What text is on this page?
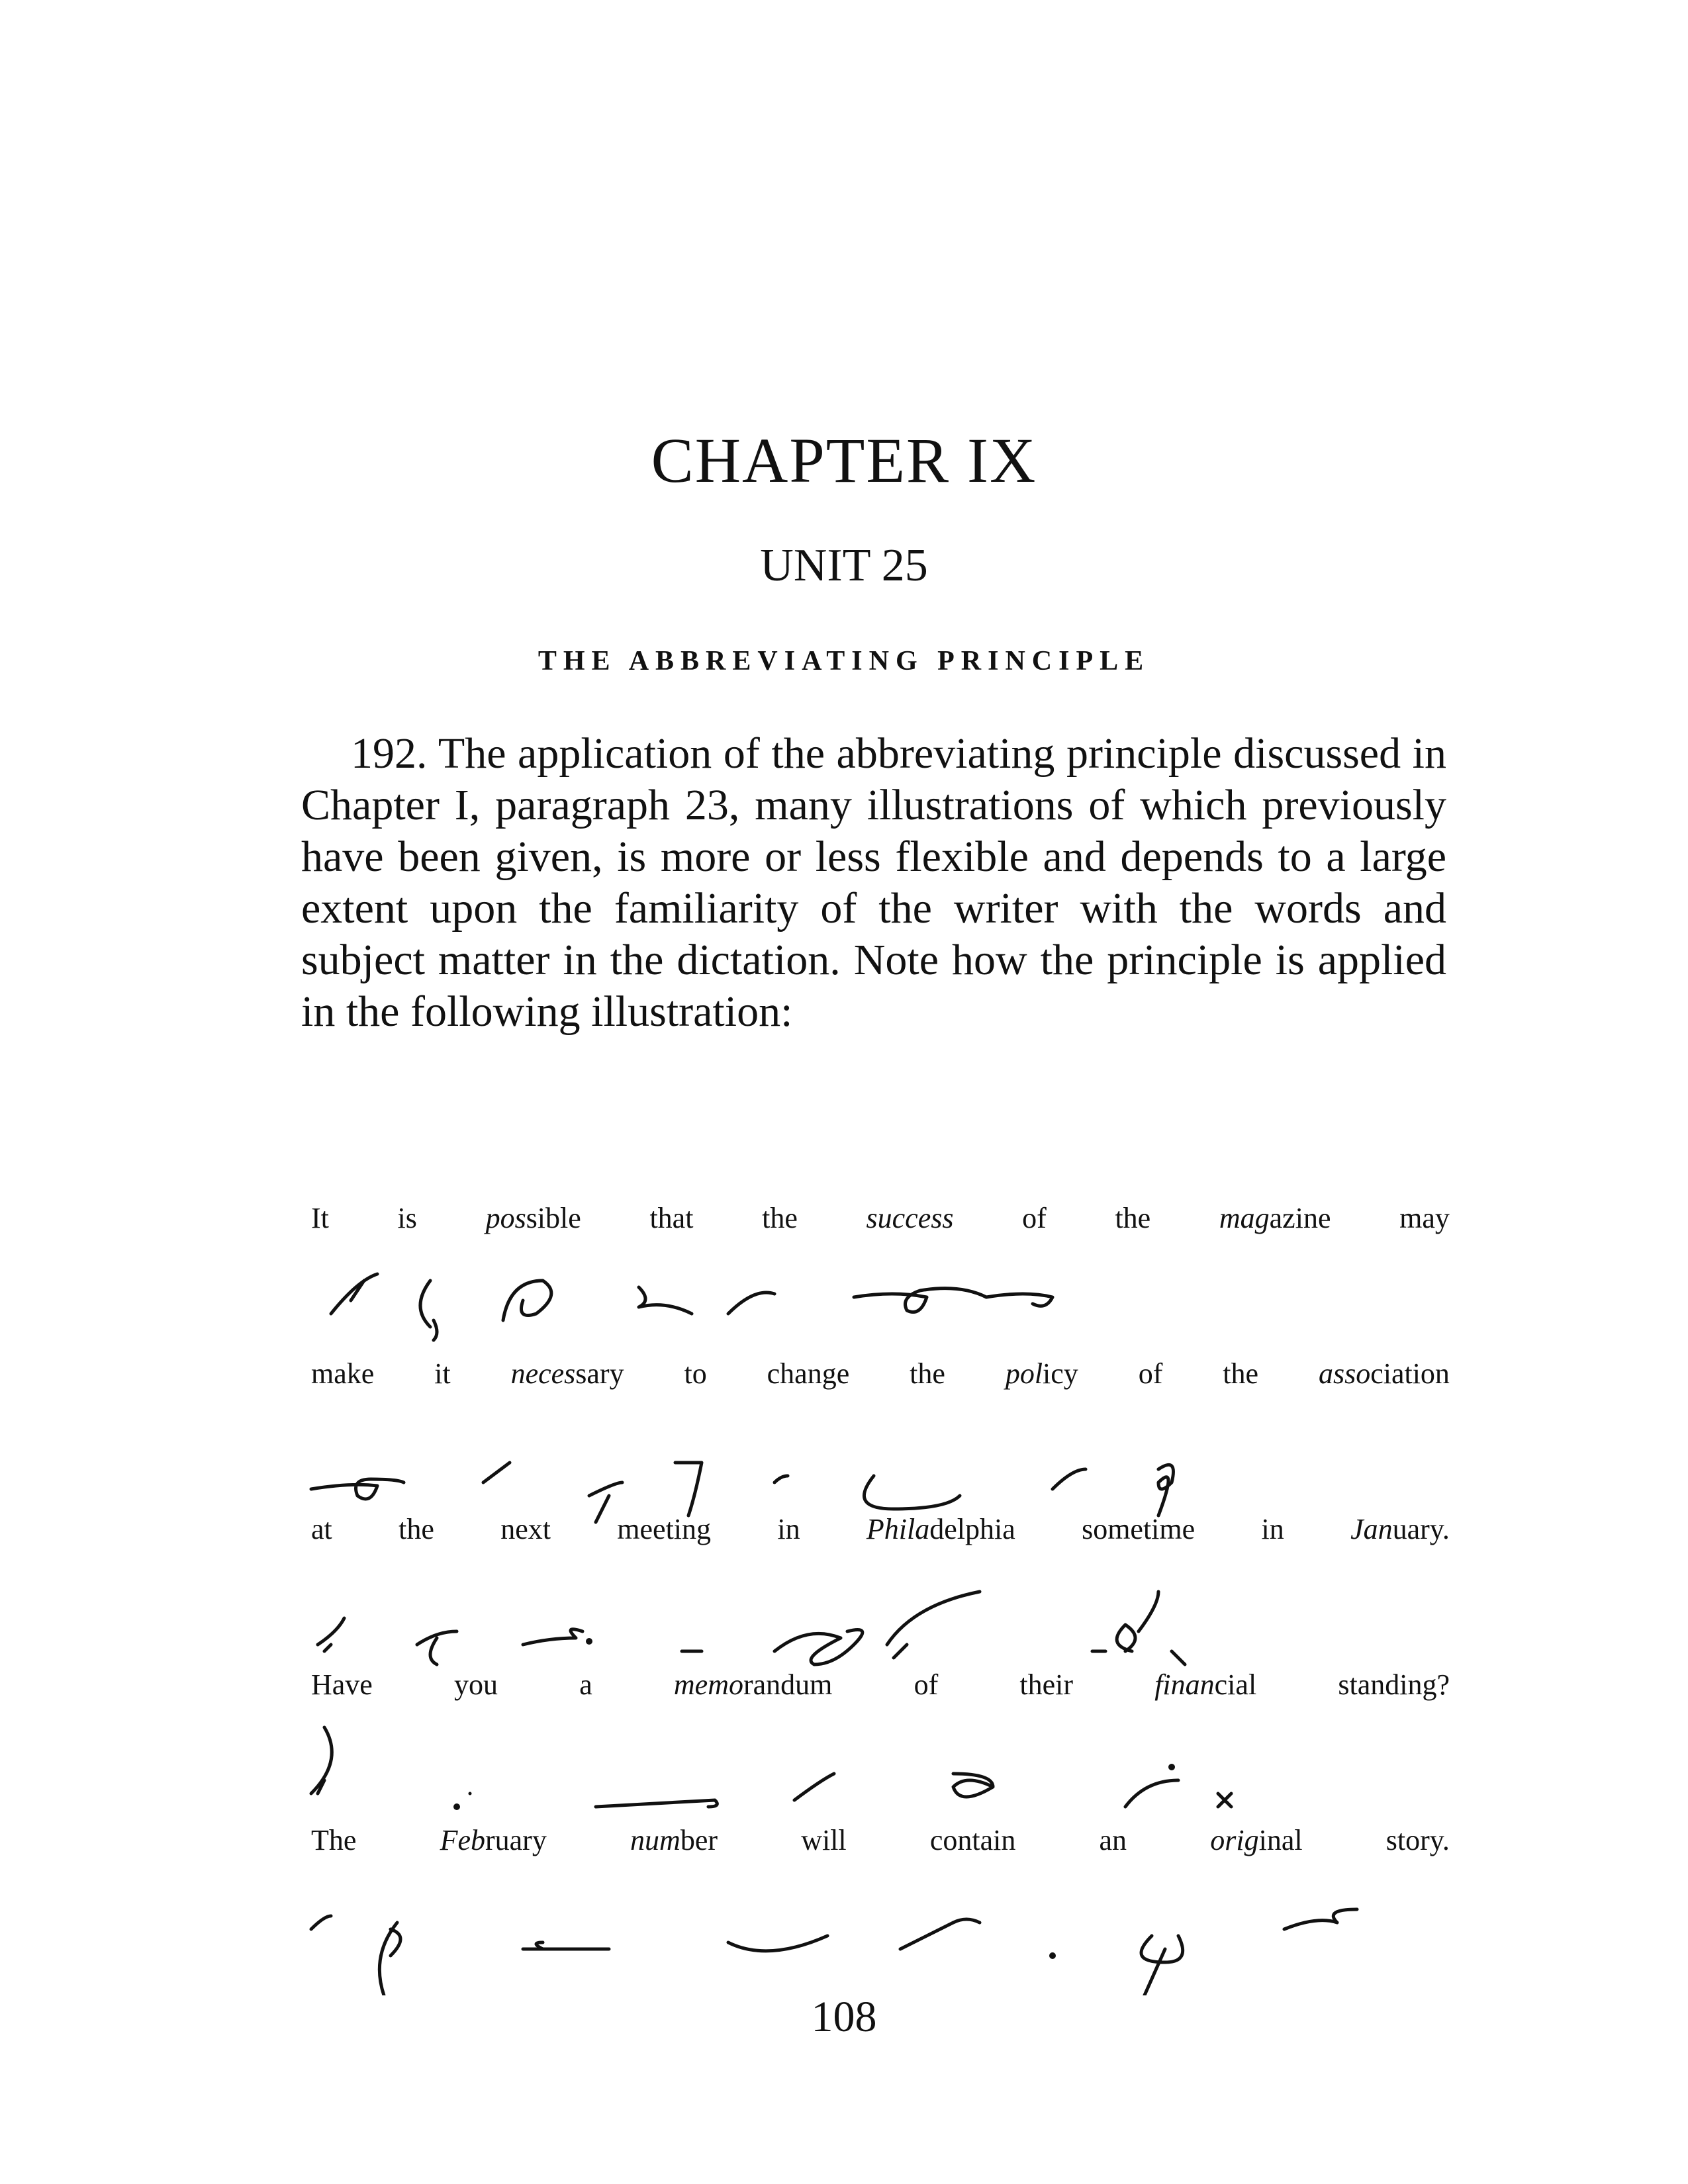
CHAPTER IX
UNIT 25
THE ABBREVIATING PRINCIPLE

192. The application of the abbreviating principle discussed in Chapter I, paragraph 23, many illustrations of which previously have been given, is more or less flexible and depends to a large extent upon the familiarity of the writer with the words and subject matter in the dictation. Note how the principle is applied in the following illustration:

It is possible that the success of the magazine may
make it necessary to change the policy of the association
at the next meeting in Philadelphia sometime in January.
Have	you	a	memorandum	of	their	financial	standing?
The	February	number	will	contain	an	original	story.
108
